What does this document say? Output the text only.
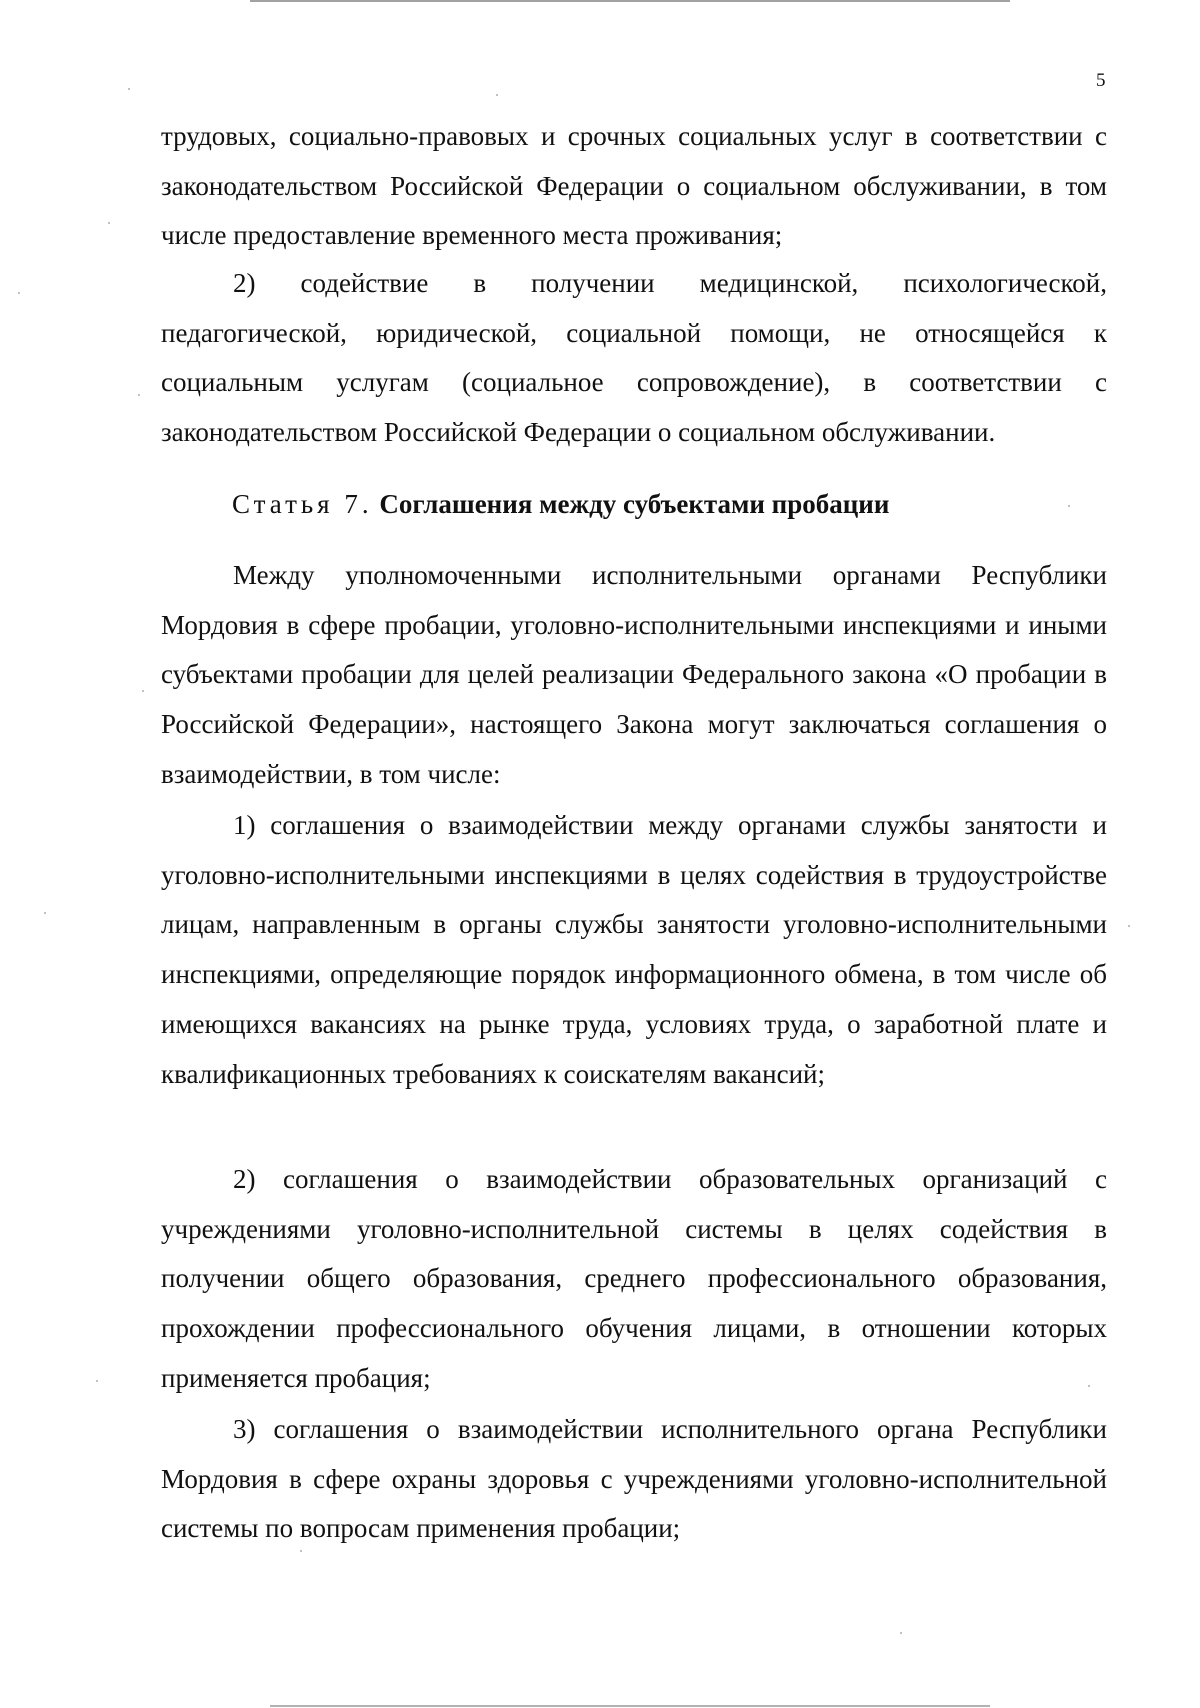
5

трудовых, социально-правовых и срочных социальных услуг в соответствии с законодательством Российской Федерации о социальном обслуживании, в том числе предоставление временного места проживания;

2) содействие в получении медицинской, психологической, педагогической, юридической, социальной помощи, не относящейся к социальным услугам (социальное сопровождение), в соответствии с законодательством Российской Федерации о социальном обслуживании.

Статья 7. Соглашения между субъектами пробации

Между уполномоченными исполнительными органами Республики Мордовия в сфере пробации, уголовно-исполнительными инспекциями и иными субъектами пробации для целей реализации Федерального закона «О пробации в Российской Федерации», настоящего Закона могут заключаться соглашения о взаимодействии, в том числе:

1) соглашения о взаимодействии между органами службы занятости и уголовно-исполнительными инспекциями в целях содействия в трудоустройстве лицам, направленным в органы службы занятости уголовно-исполнительными инспекциями, определяющие порядок информационного обмена, в том числе об имеющихся вакансиях на рынке труда, условиях труда, о заработной плате и квалификационных требованиях к соискателям вакансий;

2) соглашения о взаимодействии образовательных организаций с учреждениями уголовно-исполнительной системы в целях содействия в получении общего образования, среднего профессионального образования, прохождении профессионального обучения лицами, в отношении которых применяется пробация;

3) соглашения о взаимодействии исполнительного органа Республики Мордовия в сфере охраны здоровья с учреждениями уголовно-исполнительной системы по вопросам применения пробации;
